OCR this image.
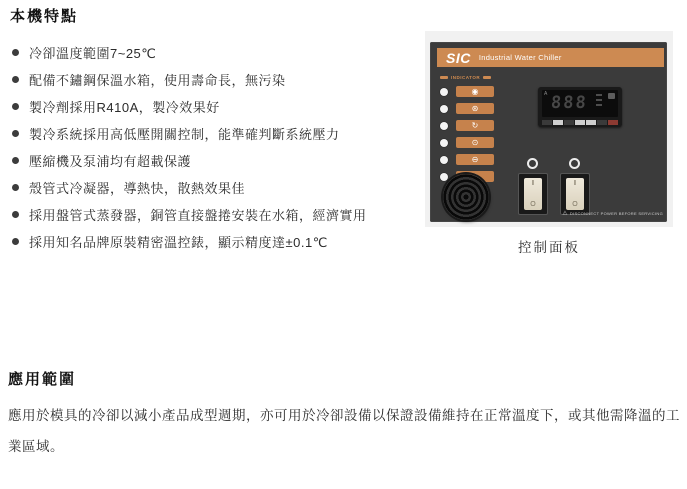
本機特點
冷卻溫度範圍7~25℃
配備不鏽鋼保溫水箱，使用壽命長，無污染
製冷劑採用R410A，製冷效果好
製冷系統採用高低壓開關控制，能準確判斷系統壓力
壓縮機及泵浦均有超載保護
殼管式冷凝器，導熱快，散熱效果佳
採用盤管式蒸發器，銅管直接盤捲安裝在水箱，經濟實用
採用知名品牌原裝精密溫控錶，顯示精度達±0.1℃
SIC Industrial Water Chiller
INDICATOR
◉
⊛
↻
⊙
⊖
A 888
I
O
I
O
⚠ DISCONNECT POWER BEFORE SERVICING
控制面板
應用範圍

應用於模具的冷卻以減小產品成型週期，亦可用於冷卻設備以保證設備維持在正常溫度下，或其他需降溫的工業區域。
